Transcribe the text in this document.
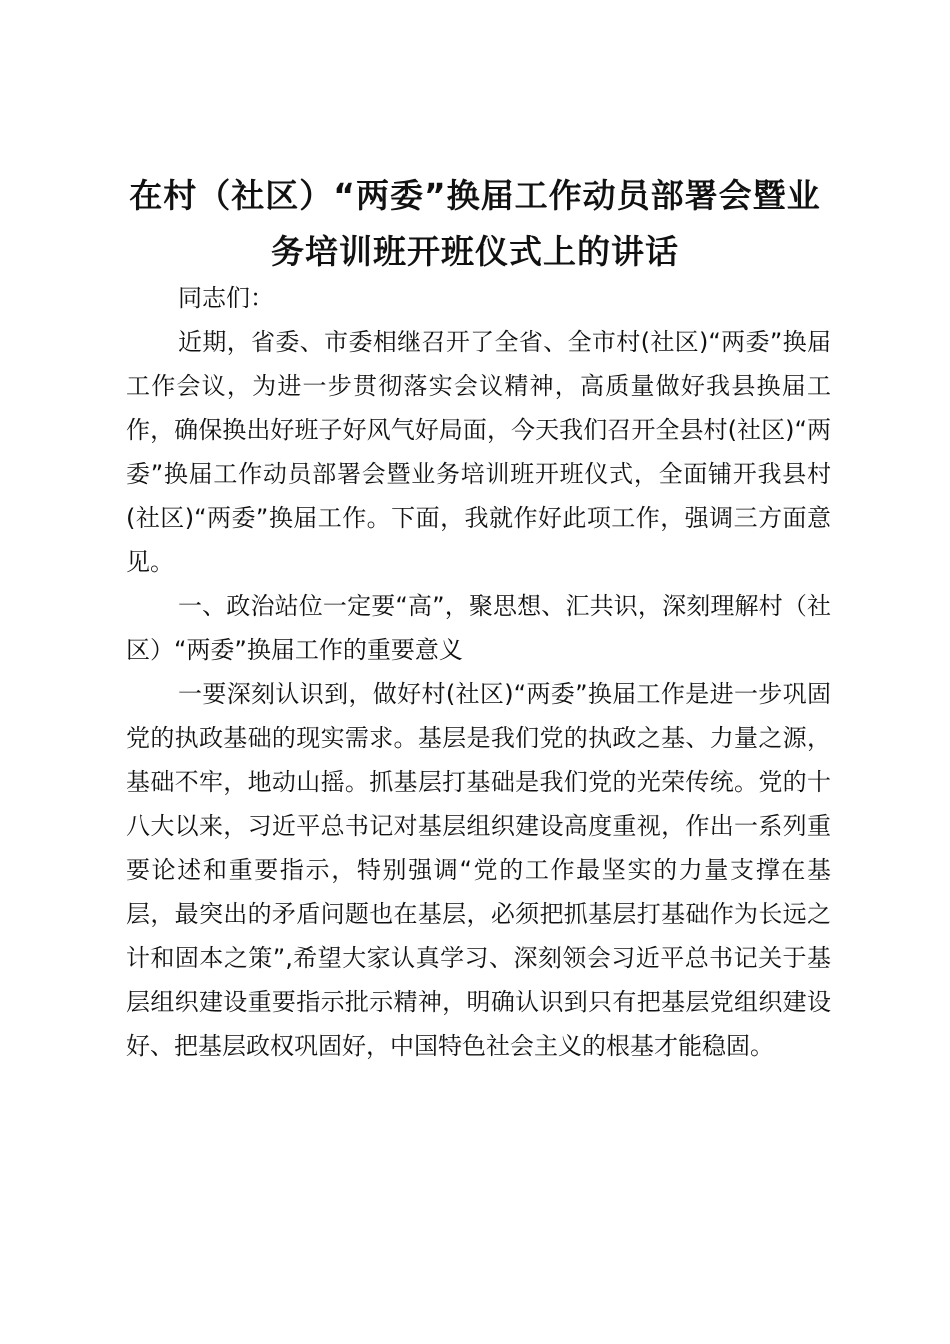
在村（社区）“两委”换届工作动员部署会暨业务培训班开班仪式上的讲话

同志们：

近期，省委、市委相继召开了全省、全市村(社区)“两委”换届工作会议，为进一步贯彻落实会议精神，高质量做好我县换届工作，确保换出好班子好风气好局面，今天我们召开全县村(社区)“两委”换届工作动员部署会暨业务培训班开班仪式，全面铺开我县村(社区)“两委”换届工作。下面，我就作好此项工作，强调三方面意见。

一、政治站位一定要“高”，聚思想、汇共识，深刻理解村（社区）“两委”换届工作的重要意义

一要深刻认识到，做好村(社区)“两委”换届工作是进一步巩固党的执政基础的现实需求。基层是我们党的执政之基、力量之源，基础不牢，地动山摇。抓基层打基础是我们党的光荣传统。党的十八大以来，习近平总书记对基层组织建设高度重视，作出一系列重要论述和重要指示，特别强调“党的工作最坚实的力量支撑在基层，最突出的矛盾问题也在基层，必须把抓基层打基础作为长远之计和固本之策”,希望大家认真学习、深刻领会习近平总书记关于基层组织建设重要指示批示精神，明确认识到只有把基层党组织建设好、把基层政权巩固好，中国特色社会主义的根基才能稳固。
